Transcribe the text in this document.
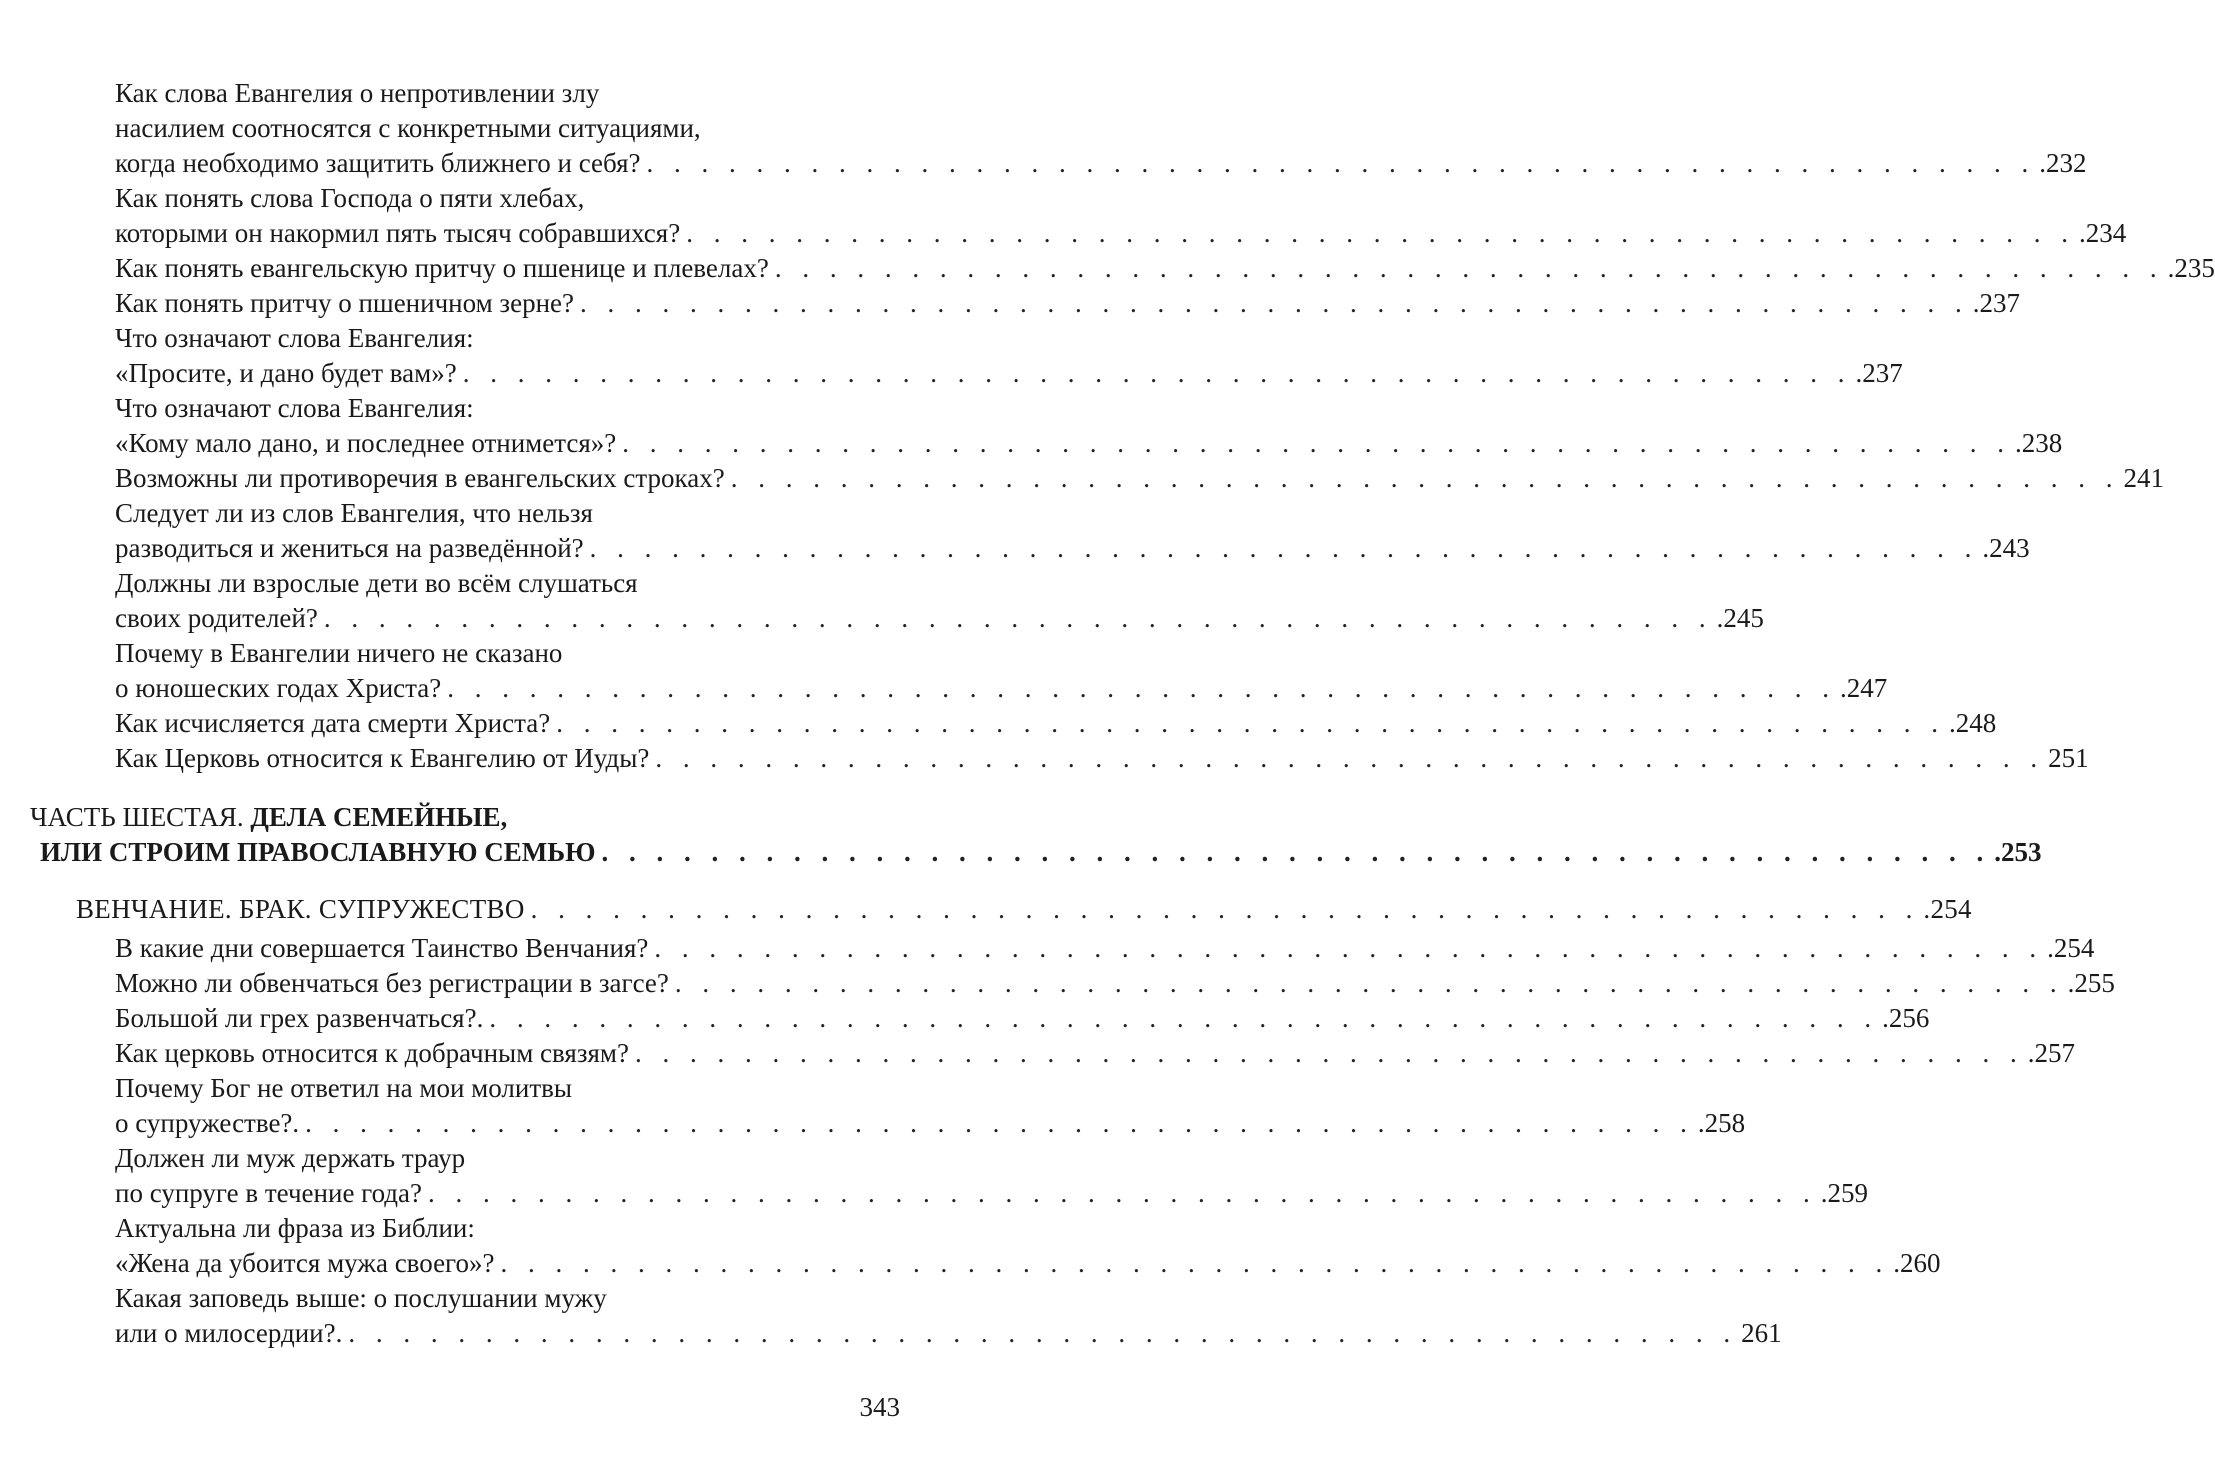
Как слова Евангелия о непротивлении злу
насилием соотносятся с конкретными ситуациями,
когда необходимо защитить ближнего и себя? . . . . . . . . . . . . . . . . . . . . . . . . . . . . . . . . . . . . . . . . . . . . . . . . . . . .232
Как понять слова Господа о пяти хлебах,
которыми он накормил пять тысяч собравшихся? . . . . . . . . . . . . . . . . . . . . . . . . . . . . . . . . . . . . . . . . . . . . . . . . . . . .234
Как понять евангельскую притчу о пшенице и плевелах? . . . . . . . . . . . . . . . . . . . . . . . . . . . . . . . . . . . . . . . . . . . . . . . . . . . .235
Как понять притчу о пшеничном зерне? . . . . . . . . . . . . . . . . . . . . . . . . . . . . . . . . . . . . . . . . . . . . . . . . . . . .237
Что означают слова Евангелия:
«Просите, и дано будет вам»? . . . . . . . . . . . . . . . . . . . . . . . . . . . . . . . . . . . . . . . . . . . . . . . . . . . .237
Что означают слова Евангелия:
«Кому мало дано, и последнее отнимется»? . . . . . . . . . . . . . . . . . . . . . . . . . . . . . . . . . . . . . . . . . . . . . . . . . . . .238
Возможны ли противоречия в евангельских строках? . . . . . . . . . . . . . . . . . . . . . . . . . . . . . . . . . . . . . . . . . . . . . . . . . . . 241
Следует ли из слов Евангелия, что нельзя
разводиться и жениться на разведённой? . . . . . . . . . . . . . . . . . . . . . . . . . . . . . . . . . . . . . . . . . . . . . . . . . . . .243
Должны ли взрослые дети во всём слушаться
своих родителей? . . . . . . . . . . . . . . . . . . . . . . . . . . . . . . . . . . . . . . . . . . . . . . . . . . . .245
Почему в Евангелии ничего не сказано
о юношеских годах Христа? . . . . . . . . . . . . . . . . . . . . . . . . . . . . . . . . . . . . . . . . . . . . . . . . . . . .247
Как исчисляется дата смерти Христа? . . . . . . . . . . . . . . . . . . . . . . . . . . . . . . . . . . . . . . . . . . . . . . . . . . . .248
Как Церковь относится к Евангелию от Иуды? . . . . . . . . . . . . . . . . . . . . . . . . . . . . . . . . . . . . . . . . . . . . . . . . . . . 251
ЧАСТЬ ШЕСТАЯ. ДЕЛА СЕМЕЙНЫЕ,
ИЛИ СТРОИМ ПРАВОСЛАВНУЮ СЕМЬЮ . . . . . . . . . . . . . . . . . . . . . . . . . . . . . . . . . . . . . . . . . . . . . . . . . . . .253
ВЕНЧАНИЕ. БРАК. СУПРУЖЕСТВО . . . . . . . . . . . . . . . . . . . . . . . . . . . . . . . . . . . . . . . . . . . . . . . . . . . .254
В какие дни совершается Таинство Венчания? . . . . . . . . . . . . . . . . . . . . . . . . . . . . . . . . . . . . . . . . . . . . . . . . . . . .254
Можно ли обвенчаться без регистрации в загсе? . . . . . . . . . . . . . . . . . . . . . . . . . . . . . . . . . . . . . . . . . . . . . . . . . . . .255
Большой ли грех развенчаться?. . . . . . . . . . . . . . . . . . . . . . . . . . . . . . . . . . . . . . . . . . . . . . . . . . . . .256
Как церковь относится к добрачным связям? . . . . . . . . . . . . . . . . . . . . . . . . . . . . . . . . . . . . . . . . . . . . . . . . . . . .257
Почему Бог не ответил на мои молитвы
о супружестве?. . . . . . . . . . . . . . . . . . . . . . . . . . . . . . . . . . . . . . . . . . . . . . . . . . . . .258
Должен ли муж держать траур
по супруге в течение года? . . . . . . . . . . . . . . . . . . . . . . . . . . . . . . . . . . . . . . . . . . . . . . . . . . . .259
Актуальна ли фраза из Библии:
«Жена да убоится мужа своего»? . . . . . . . . . . . . . . . . . . . . . . . . . . . . . . . . . . . . . . . . . . . . . . . . . . . .260
Какая заповедь выше: о послушании мужу
или о милосердии?. . . . . . . . . . . . . . . . . . . . . . . . . . . . . . . . . . . . . . . . . . . . . . . . . . . . 261
343
